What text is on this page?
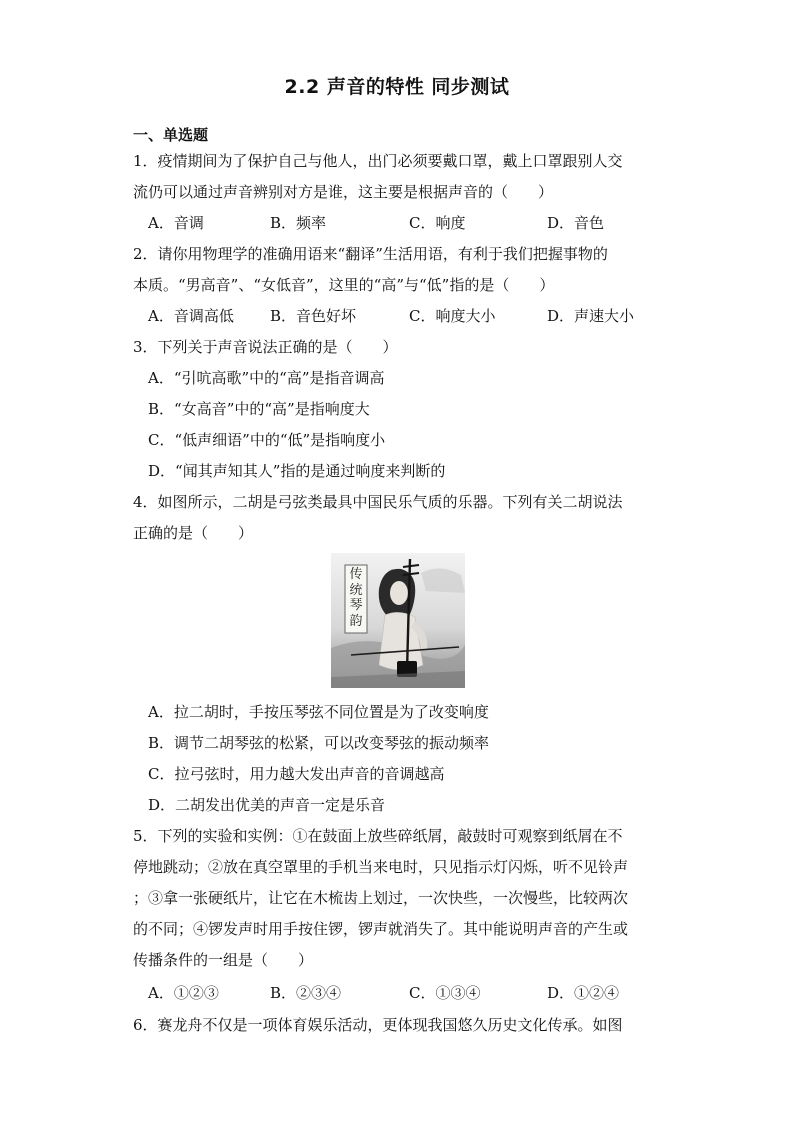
2.2 声音的特性 同步测试
一、单选题
1．疫情期间为了保护自己与他人，出门必须要戴口罩，戴上口罩跟别人交
流仍可以通过声音辨别对方是谁，这主要是根据声音的（　　）
A．音调	B．频率	C．响度	D．音色
2．请你用物理学的准确用语来“翻译”生活用语，有利于我们把握事物的
本质。“男高音”、“女低音”，这里的“高”与“低”指的是（　　）
A．音调高低 B．音色好坏	C．响度大小	D．声速大小
3．下列关于声音说法正确的是（　　）
A．“引吭高歌”中的“高”是指音调高
B．“女高音”中的“高”是指响度大
C．“低声细语”中的“低”是指响度小
D．“闻其声知其人”指的是通过响度来判断的
4．如图所示，二胡是弓弦类最具中国民乐气质的乐器。下列有关二胡说法
正确的是（　　）
传统琴韵
A．拉二胡时，手按压琴弦不同位置是为了改变响度
B．调节二胡琴弦的松紧，可以改变琴弦的振动频率
C．拉弓弦时，用力越大发出声音的音调越高
D．二胡发出优美的声音一定是乐音
5．下列的实验和实例：①在鼓面上放些碎纸屑，敲鼓时可观察到纸屑在不
停地跳动；②放在真空罩里的手机当来电时，只见指示灯闪烁，听不见铃声
；③拿一张硬纸片，让它在木梳齿上划过，一次快些，一次慢些，比较两次
的不同；④锣发声时用手按住锣，锣声就消失了。其中能说明声音的产生或
传播条件的一组是（　　）
A．①②③	B．②③④	C．①③④	D．①②④
6．赛龙舟不仅是一项体育娱乐活动，更体现我国悠久历史文化传承。如图
